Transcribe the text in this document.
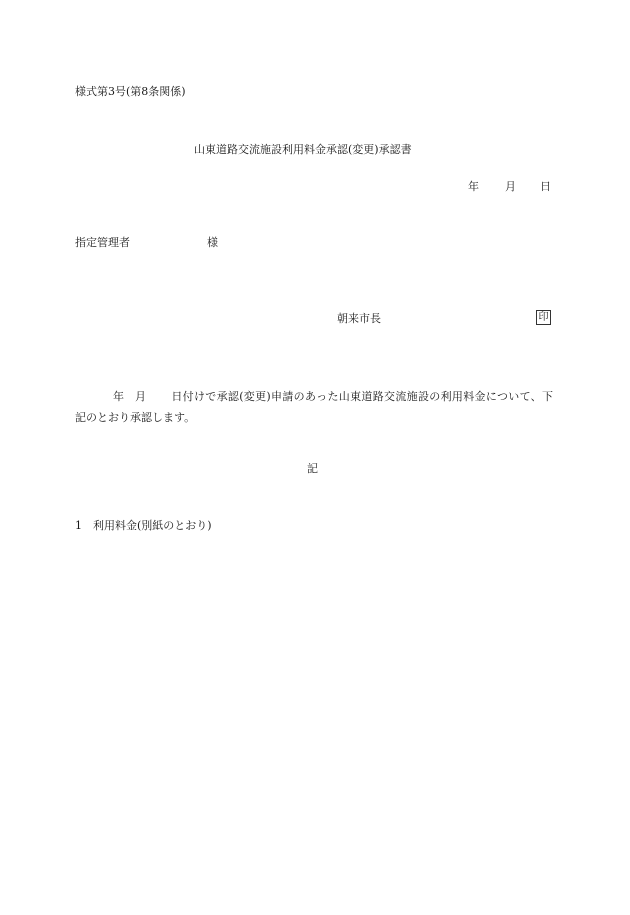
様式第3号(第8条関係)
山東道路交流施設利用料金承認(変更)承認書
年 月 日
指定管理者	様
朝来市長	印
年 月 日付けで承認(変更)申請のあった山東道路交流施設の利用料金について、下記のとおり承認します。
記
1　利用料金(別紙のとおり)
